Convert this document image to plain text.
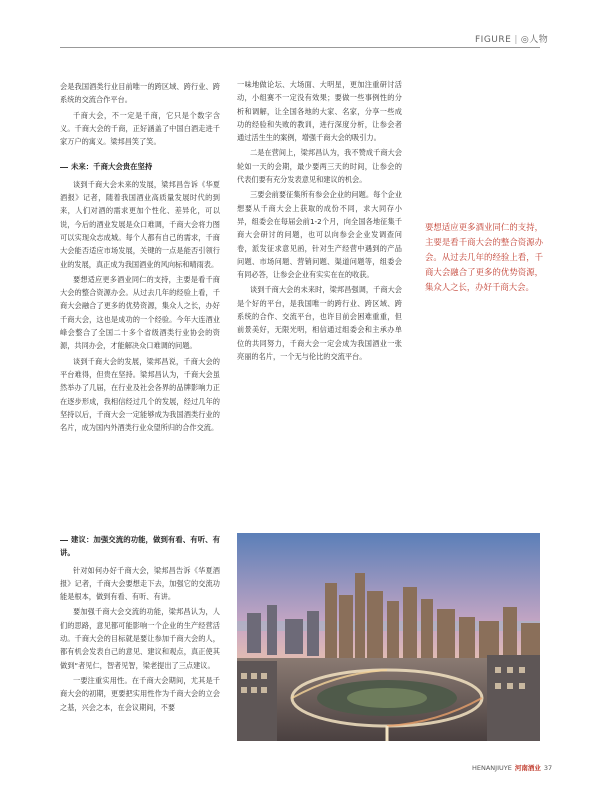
FIGURE | ◎人物

会是我国酒类行业目前唯一的跨区域、跨行业、跨系统的交流合作平台。

千商大会，不一定是千商，它只是个数字含义。千商大会的千商，正好涵盖了中国白酒走进千家万户的寓义。梁邦昌笑了笑。

未来：千商大会贵在坚持

谈到千商大会未来的发展，梁邦昌告诉《华夏酒报》记者，随着我国酒业高质量发展时代的到来，人们对酒的需求更加个性化、差异化，可以说，今后的酒业发展是众口难调，千商大会将力图可以实现众志成城。每个人都有自己的需求，千商大会能否适应市场发展，关键的一点是能否引领行业的发展，真正成为我国酒业的风向标和晴雨表。

要想适应更多酒业同仁的支持，主要是看千商大会的整合资源办会。从过去几年的经验上看，千商大会融合了更多的优势资源，集众人之长，办好千商大会，这也是成功的一个经验。今年大连酒业峰会整合了全国二十多个省级酒类行业协会的资源，共同办会，才能解决众口难调的问题。

谈到千商大会的发展，梁邦昌说，千商大会的平台难得，但贵在坚持。梁邦昌认为，千商大会虽然举办了几届，在行业及社会各界的品牌影响力正在逐步形成，我相信经过几个的发展，经过几年的坚持以后，千商大会一定能够成为我国酒类行业的名片，成为国内外酒类行业众望所归的合作交流。

一味地做论坛、大场面、大明星，更加注重研讨活动，小组赛不一定没有效果；要做一些事例性的分析和调解，让全国各地的大家、名家，分享一些成功的经验和失败的教训，进行深度分析，让参会者通过活生生的案例，增强千商大会的吸引力。

二是在营间上，梁邦昌认为，我不赞成千商大会轮如一天的会期，最少要两三天的时间，让参会的代表们要有充分发表意见和建议的机会。

三要会前要征集所有参会企业的问题。每个企业想要从千商大会上获取的成份不同，求大同存小异，组委会在每届会前1-2个月，向全国各地征集千商大会研讨的问题，也可以向参会企业发调查问卷，派发征求意见函，针对生产经营中遇到的产品问题、市场问题、营销问题、渠道问题等，组委会有同必答，让参会企业有实实在在的收获。

谈到千商大会的未来时，梁邦昌强调，千商大会是个好的平台，是我国唯一的跨行业、跨区域、跨系统的合作、交流平台，也许目前会困难重重，但前景美好，无限光明，相信通过组委会和主承办单位的共同努力，千商大会一定会成为我国酒业一张亮丽的名片，一个无与伦比的交流平台。

要想适应更多酒业同仁的支持，主要是看千商大会的整合资源办会。从过去几年的经验上看，千商大会融合了更多的优势资源，集众人之长，办好千商大会。
建议：加强交流的功能，做到有看、有听、有讲。

针对如何办好千商大会，梁邦昌告诉《华夏酒报》记者，千商大会要想走下去，加强它的交流功能是根本，做到有看、有听、有讲。

要加强千商大会交流的功能，梁邦昌认为，人们的思路，意见都可能影响一个企业的生产经营活动。千商大会的目标就是要让参加千商大会的人，都有机会发表自己的意见、建议和观点，真正使其做到“者见仁，智者见智，梁老提出了三点建议。

一要注重实用性。在千商大会期间，尤其是千商大会的初期，更要把实用性作为千商大会的立会之基，兴会之本，在会议期间，不要

HENANJIUYE 河南酒业 37
